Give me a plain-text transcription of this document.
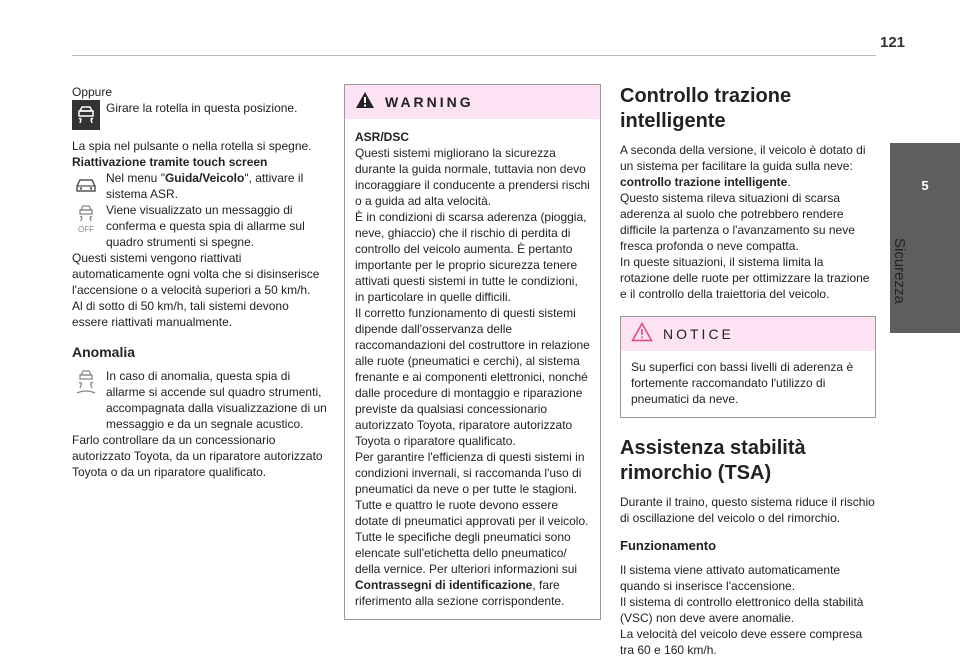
121
5
Sicurezza

Oppure

Girare la rotella in questa posizione.

La spia nel pulsante o nella rotella si spegne.

Riattivazione tramite touch screen

Nel menu "Guida/Veicolo", attivare il sistema ASR.

OFF

Viene visualizzato un messaggio di conferma e questa spia di allarme sul quadro strumenti si spegne.

Questi sistemi vengono riattivati automaticamente ogni volta che si disinserisce l'accensione o a velocità superiori a 50 km/h.

Al di sotto di 50 km/h, tali sistemi devono essere riattivati manualmente.

Anomalia

In caso di anomalia, questa spia di allarme si accende sul quadro strumenti, accompagnata dalla visualizzazione di un messaggio e da un segnale acustico.

Farlo controllare da un concessionario autorizzato Toyota, da un riparatore autorizzato Toyota o da un riparatore qualificato.

WARNING

ASR/DSC

Questi sistemi migliorano la sicurezza durante la guida normale, tuttavia non devo incoraggiare il conducente a prendersi rischi o a guida ad alta velocità.

È in condizioni di scarsa aderenza (pioggia, neve, ghiaccio) che il rischio di perdita di controllo del veicolo aumenta. È pertanto importante per le proprio sicurezza tenere attivati questi sistemi in tutte le condizioni, in particolare in quelle difficili.

Il corretto funzionamento di questi sistemi dipende dall'osservanza delle raccomandazioni del costruttore in relazione alle ruote (pneumatici e cerchi), al sistema frenante e ai componenti elettronici, nonché dalle procedure di montaggio e riparazione previste da qualsiasi concessionario autorizzato Toyota, riparatore autorizzato Toyota o riparatore qualificato.

Per garantire l'efficienza di questi sistemi in condizioni invernali, si raccomanda l'uso di pneumatici da neve o per tutte le stagioni.

Tutte e quattro le ruote devono essere dotate di pneumatici approvati per il veicolo.

Tutte le specifiche degli pneumatici sono elencate sull'etichetta dello pneumatico/ della vernice. Per ulteriori informazioni sui Contrassegni di identificazione, fare riferimento alla sezione corrispondente.

Controllo trazione intelligente

A seconda della versione, il veicolo è dotato di un sistema per facilitare la guida sulla neve: controllo trazione intelligente.

Questo sistema rileva situazioni di scarsa aderenza al suolo che potrebbero rendere difficile la partenza o l'avanzamento su neve fresca profonda o neve compatta.

In queste situazioni, il sistema limita la rotazione delle ruote per ottimizzare la trazione e il controllo della traiettoria del veicolo.

NOTICE

Su superfici con bassi livelli di aderenza è fortemente raccomandato l'utilizzo di pneumatici da neve.

Assistenza stabilità rimorchio (TSA)

Durante il traino, questo sistema riduce il rischio di oscillazione del veicolo o del rimorchio.

Funzionamento

Il sistema viene attivato automaticamente quando si inserisce l'accensione.

Il sistema di controllo elettronico della stabilità (VSC) non deve avere anomalie.

La velocità del veicolo deve essere compresa tra 60 e 160 km/h.
